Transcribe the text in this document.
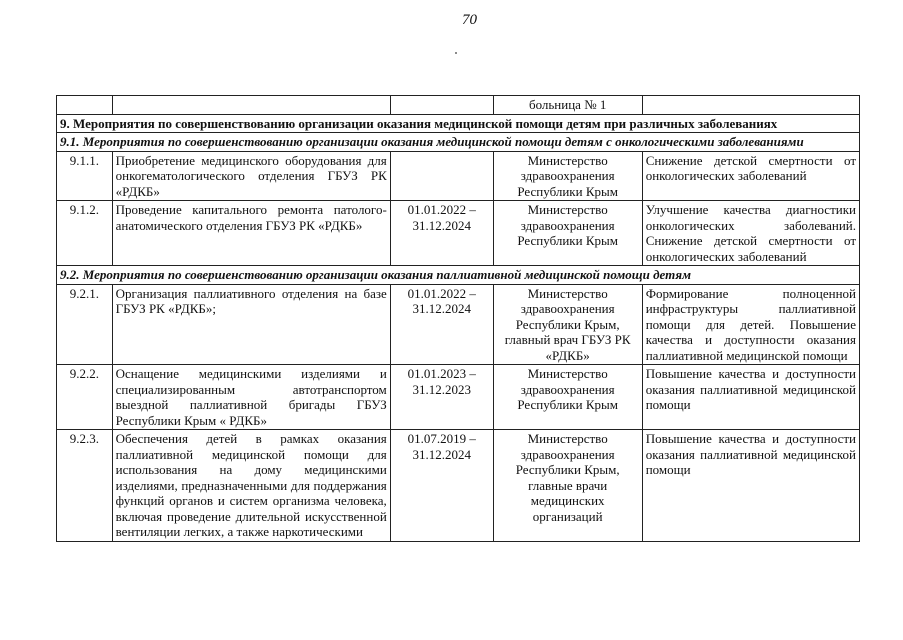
70
			больница № 1	
9. Мероприятия по совершенствованию организации оказания медицинской помощи детям при различных заболеваниях				
9.1. Мероприятия по совершенствованию организации оказания медицинской помощи детям с онкологическими заболеваниями				
9.1.1.	Приобретение медицинского оборудования для онкогематологического отделения ГБУЗ РК «РДКБ»		Министерство здравоохранения Республики Крым	Снижение детской смертности от онкологических заболеваний
9.1.2.	Проведение капитального ремонта патолого-анатомического отделения ГБУЗ РК «РДКБ»	01.01.2022 – 31.12.2024	Министерство здравоохранения Республики Крым	Улучшение качества диагностики онкологических заболеваний. Снижение детской смертности от онкологических заболеваний
9.2. Мероприятия по совершенствованию организации оказания паллиативной медицинской помощи детям				
9.2.1.	Организация паллиативного отделения на базе ГБУЗ РК «РДКБ»;	01.01.2022 – 31.12.2024	Министерство здравоохранения Республики Крым, главный врач ГБУЗ РК «РДКБ»	Формирование полноценной инфраструктуры паллиативной помощи для детей. Повышение качества и доступности оказания паллиативной медицинской помощи
9.2.2.	Оснащение медицинскими изделиями и специализированным автотранспортом выездной паллиативной бригады ГБУЗ Республики Крым « РДКБ»	01.01.2023 – 31.12.2023	Министерство здравоохранения Республики Крым	Повышение качества и доступности оказания паллиативной медицинской помощи
9.2.3.	Обеспечения детей в рамках оказания паллиативной медицинской помощи для использования на дому медицинскими изделиями, предназначенными для поддержания функций органов и систем организма человека, включая проведение длительной искусственной вентиляции легких, а также наркотическими	01.07.2019 – 31.12.2024	Министерство здравоохранения Республики Крым, главные врачи медицинских организаций	Повышение качества и доступности оказания паллиативной медицинской помощи
